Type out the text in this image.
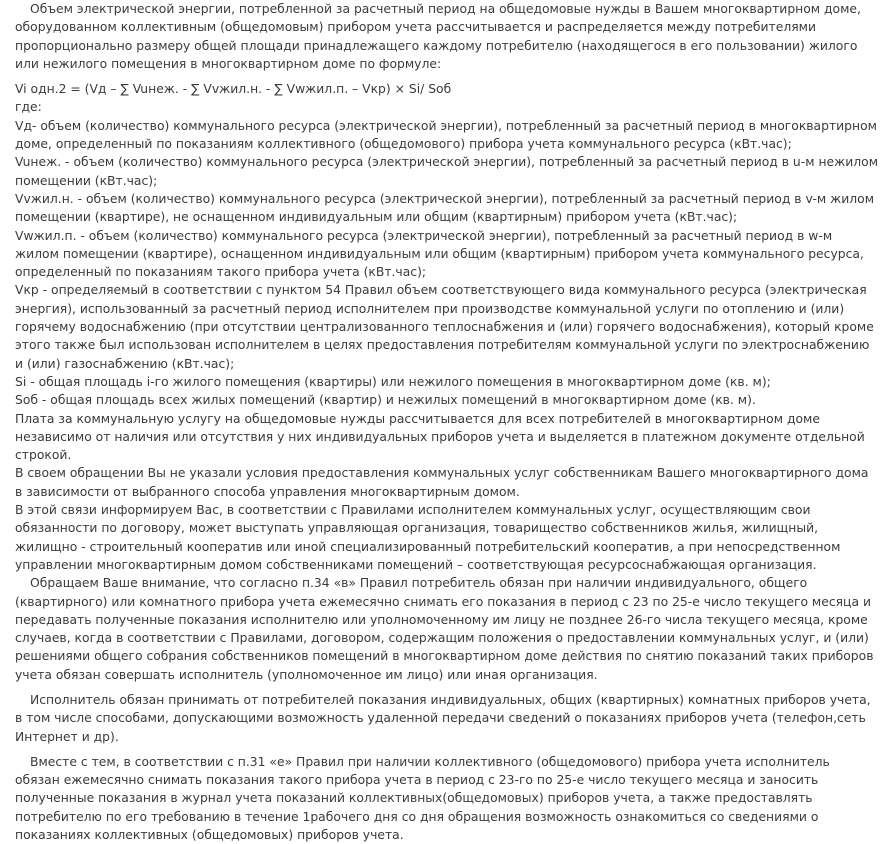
Объем электрической энергии, потребленной за расчетный период на общедомовые нужды в Вашем многоквартирном доме, оборудованном коллективным (общедомовым) прибором учета рассчитывается и распределяется между потребителями пропорционально размеру общей площади принадлежащего каждому потребителю (находящегося в его пользовании) жилого или нежилого помещения в многоквартирном доме по формуле:

Vi одн.2 = (Vд – ∑ Vuнеж. - ∑ Vvжил.н. - ∑ Vwжил.п. – Vкр) × Si/ Sоб

где:

Vд- объем (количество) коммунального ресурса (электрической энергии), потребленный за расчетный период в многоквартирном доме, определенный по показаниям коллективного (общедомового) прибора учета коммунального ресурса (кВт.час);

Vuнеж. - объем (количество) коммунального ресурса (электрической энергии), потребленный за расчетный период в u-м нежилом помещении (кВт.час);

Vvжил.н. - объем (количество) коммунального ресурса (электрической энергии), потребленный за расчетный период в v-м жилом помещении (квартире), не оснащенном индивидуальным или общим (квартирным) прибором учета (кВт.час);

Vwжил.п. - объем (количество) коммунального ресурса (электрической энергии), потребленный за расчетный период в w-м жилом помещении (квартире), оснащенном индивидуальным или общим (квартирным) прибором учета коммунального ресурса, определенный по показаниям такого прибора учета (кВт.час);

Vкр - определяемый в соответствии с пунктом 54 Правил объем соответствующего вида коммунального ресурса (электрическая энергия), использованный за расчетный период исполнителем при производстве коммунальной услуги по отоплению и (или) горячему водоснабжению (при отсутствии централизованного теплоснабжения и (или) горячего водоснабжения), который кроме этого также был использован исполнителем в целях предоставления потребителям коммунальной услуги по электроснабжению и (или) газоснабжению (кВт.час);

Si - общая площадь i-го жилого помещения (квартиры) или нежилого помещения в многоквартирном доме (кв. м);

Sоб - общая площадь всех жилых помещений (квартир) и нежилых помещений в многоквартирном доме (кв. м).

Плата за коммунальную услугу на общедомовые нужды рассчитывается для всех потребителей в многоквартирном доме независимо от наличия или отсутствия у них индивидуальных приборов учета и выделяется в платежном документе отдельной строкой.

В своем обращении Вы не указали условия предоставления коммунальных услуг собственникам Вашего многоквартирного дома в зависимости от выбранного способа управления многоквартирным домом.

В этой связи информируем Вас, в соответствии с Правилами исполнителем коммунальных услуг, осуществляющим свои обязанности по договору, может выступать управляющая организация, товарищество собственников жилья, жилищный, жилищно - строительный кооператив или иной специализированный потребительский кооператив, а при непосредственном управлении многоквартирным домом собственниками помещений – соответствующая ресурсоснабжающая организация.

Обращаем Ваше внимание, что согласно п.34 «в» Правил потребитель обязан при наличии индивидуального, общего (квартирного) или комнатного прибора учета ежемесячно снимать его показания в период с 23 по 25-е число текущего месяца и передавать полученные показания исполнителю или уполномоченному им лицу не позднее 26-го числа текущего месяца, кроме случаев, когда в соответствии с Правилами, договором, содержащим положения о предоставлении коммунальных услуг, и (или) решениями общего собрания собственников помещений в многоквартирном доме действия по снятию показаний таких приборов учета обязан совершать исполнитель (уполномоченное им лицо) или иная организация.

Исполнитель обязан принимать от потребителей показания индивидуальных, общих (квартирных) комнатных приборов учета, в том числе способами, допускающими возможность удаленной передачи сведений о показаниях приборов учета (телефон,сеть Интернет и др).

Вместе с тем, в соответствии с п.31 «е» Правил при наличии коллективного (общедомового) прибора учета исполнитель обязан ежемесячно снимать показания такого прибора учета в период с 23-го по 25-е число текущего месяца и заносить полученные показания в журнал учета показаний коллективных(общедомовых) приборов учета, а также предоставлять потребителю по его требованию в течение 1рабочего дня со дня обращения возможность ознакомиться со сведениями о показаниях коллективных (общедомовых) приборов учета.
